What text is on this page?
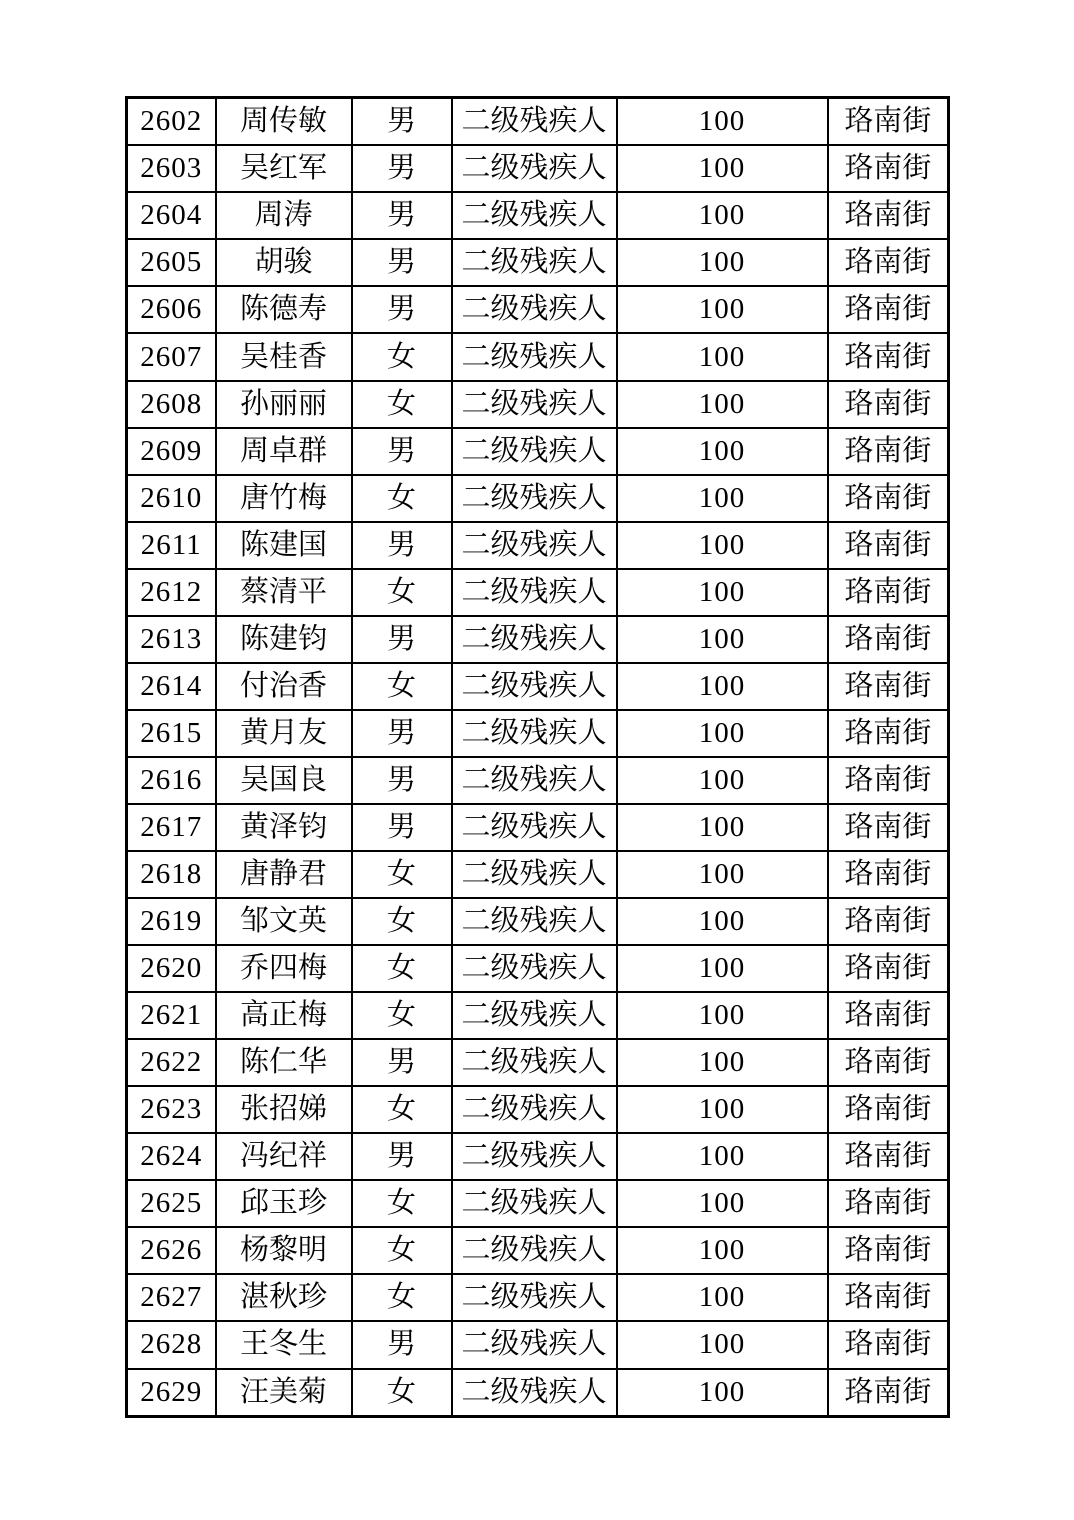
2602	周传敏	男	二级残疾人	100	珞南街
2603	吴红军	男	二级残疾人	100	珞南街
2604	周涛	男	二级残疾人	100	珞南街
2605	胡骏	男	二级残疾人	100	珞南街
2606	陈德寿	男	二级残疾人	100	珞南街
2607	吴桂香	女	二级残疾人	100	珞南街
2608	孙丽丽	女	二级残疾人	100	珞南街
2609	周卓群	男	二级残疾人	100	珞南街
2610	唐竹梅	女	二级残疾人	100	珞南街
2611	陈建国	男	二级残疾人	100	珞南街
2612	蔡清平	女	二级残疾人	100	珞南街
2613	陈建钧	男	二级残疾人	100	珞南街
2614	付治香	女	二级残疾人	100	珞南街
2615	黄月友	男	二级残疾人	100	珞南街
2616	吴国良	男	二级残疾人	100	珞南街
2617	黄泽钧	男	二级残疾人	100	珞南街
2618	唐静君	女	二级残疾人	100	珞南街
2619	邹文英	女	二级残疾人	100	珞南街
2620	乔四梅	女	二级残疾人	100	珞南街
2621	高正梅	女	二级残疾人	100	珞南街
2622	陈仁华	男	二级残疾人	100	珞南街
2623	张招娣	女	二级残疾人	100	珞南街
2624	冯纪祥	男	二级残疾人	100	珞南街
2625	邱玉珍	女	二级残疾人	100	珞南街
2626	杨黎明	女	二级残疾人	100	珞南街
2627	湛秋珍	女	二级残疾人	100	珞南街
2628	王冬生	男	二级残疾人	100	珞南街
2629	汪美菊	女	二级残疾人	100	珞南街
